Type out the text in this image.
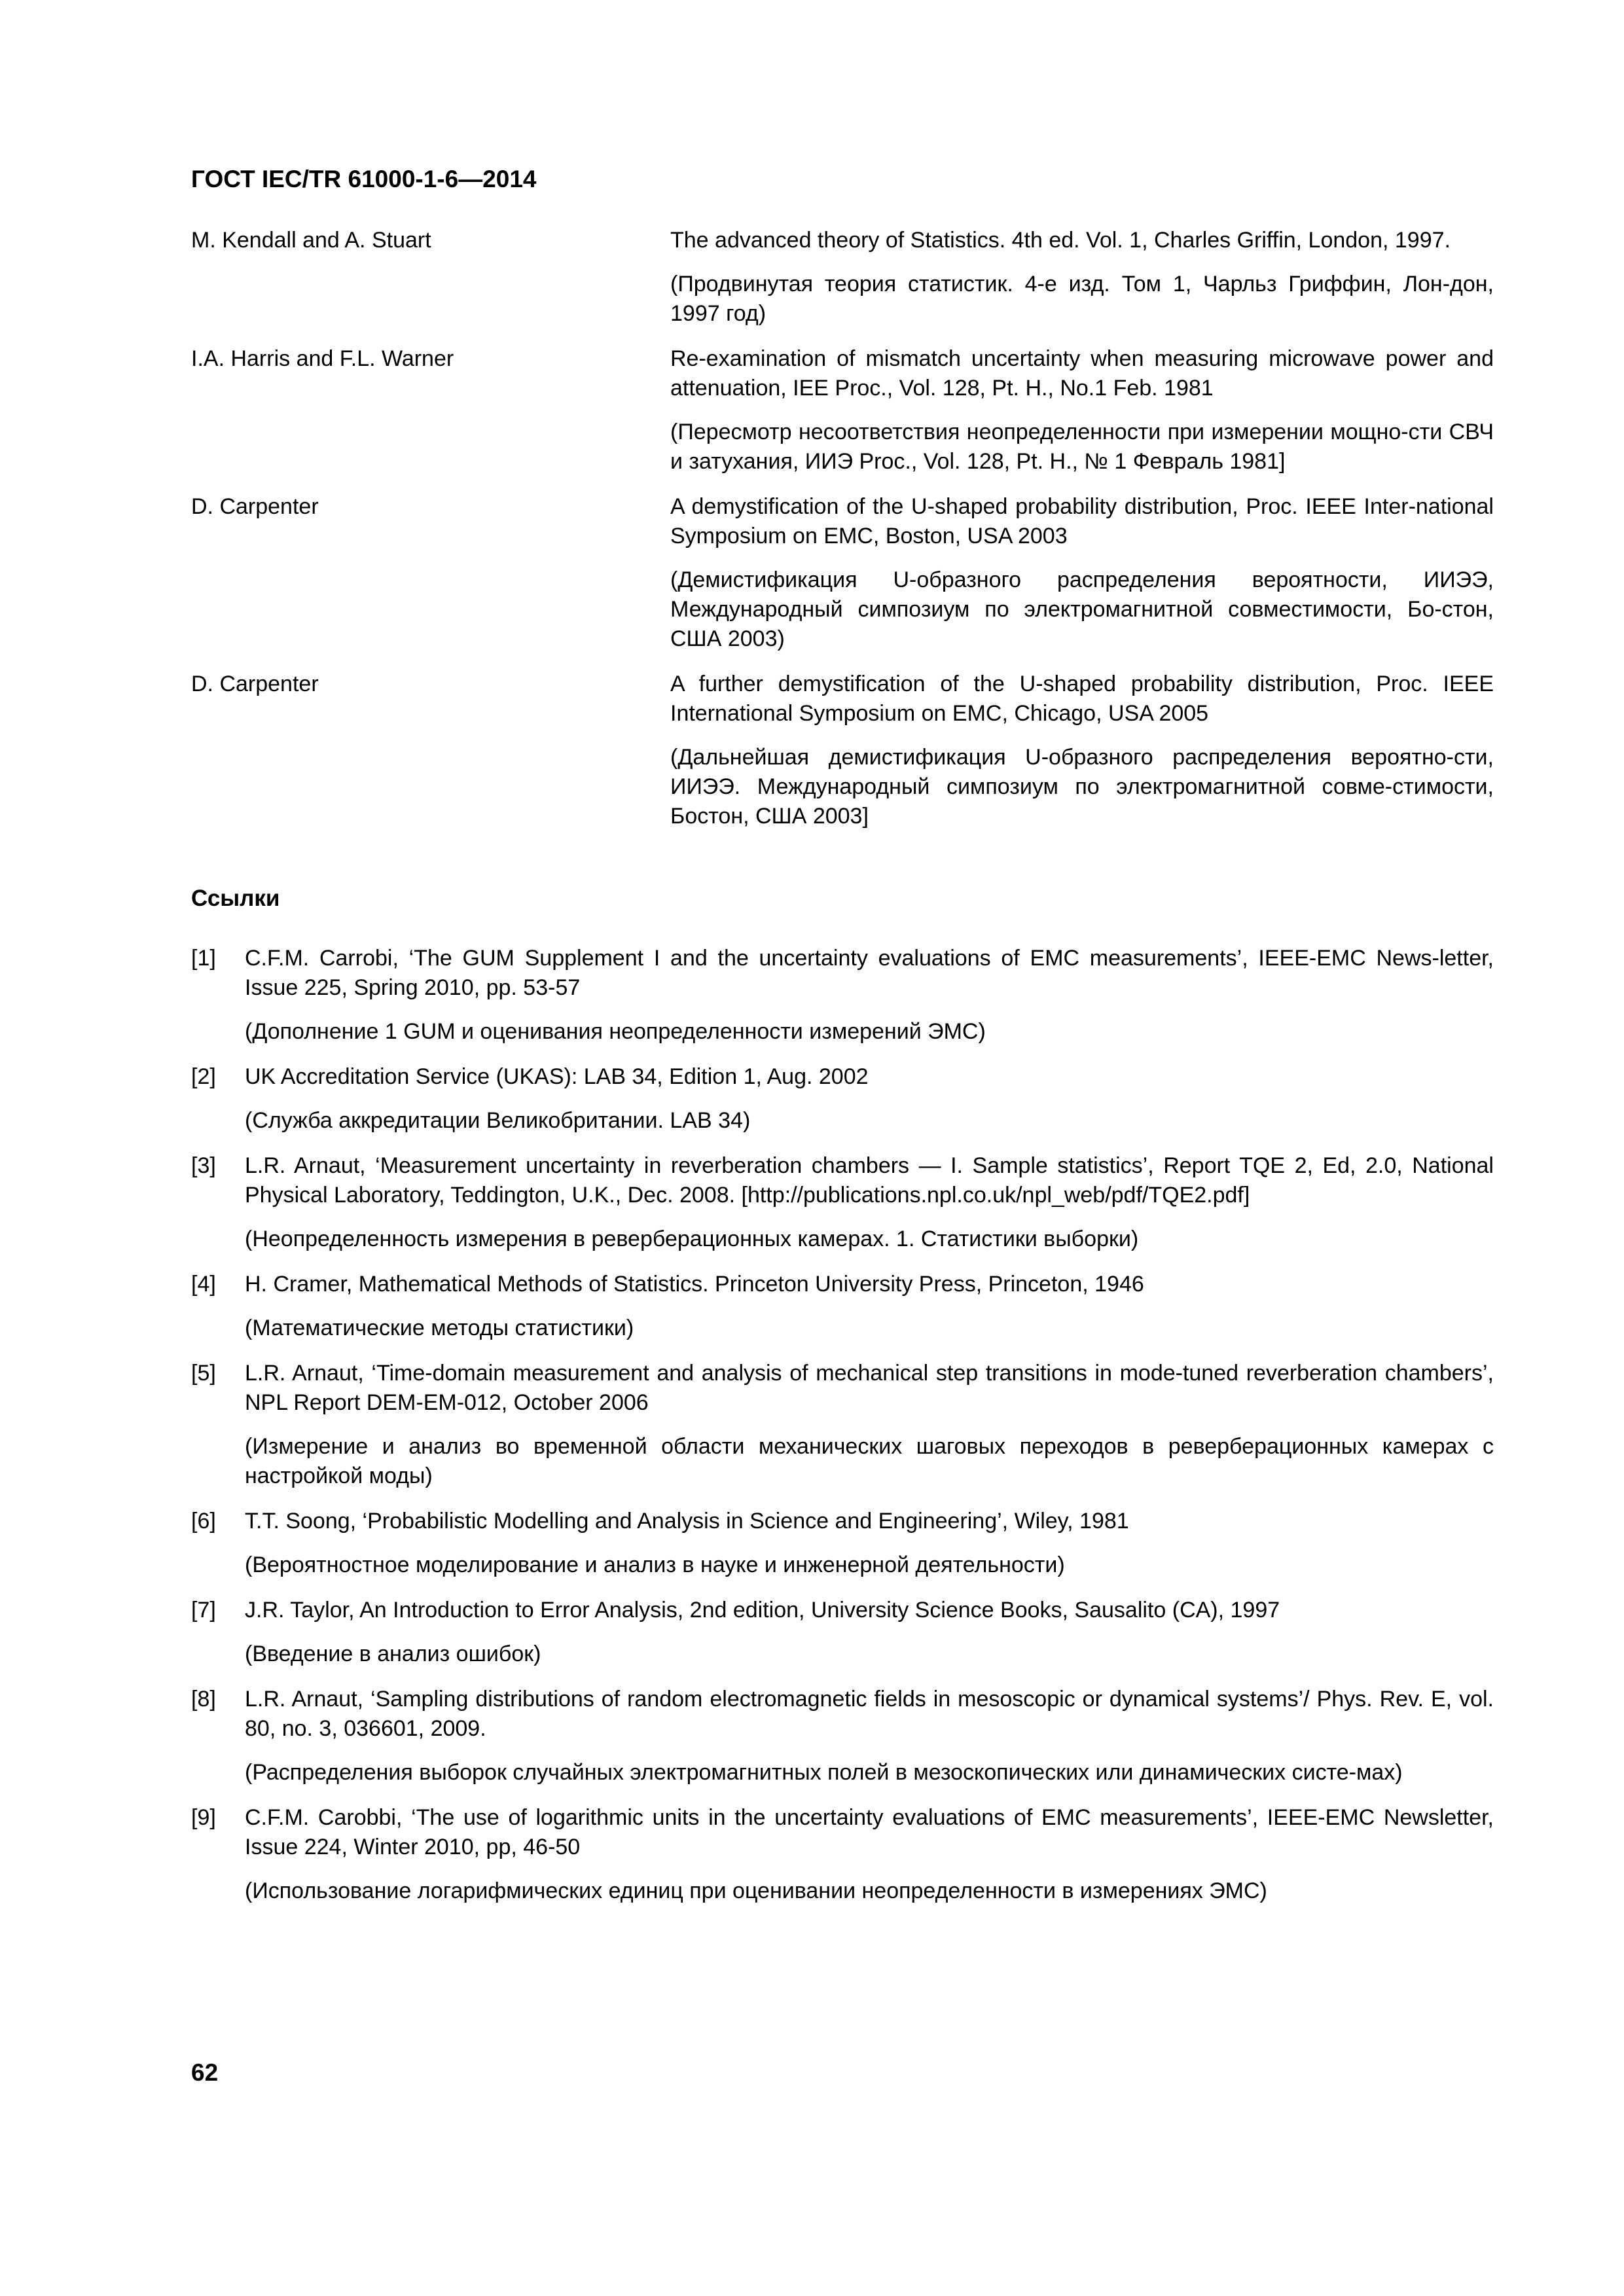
ГОСТ IEC/TR 61000-1-6—2014
M. Kendall and A. Stuart	The advanced theory of Statistics. 4th ed. Vol. 1, Charles Griffin, London, 1997.

(Продвинутая теория статистик. 4-е изд. Том 1, Чарльз Гриффин, Лон-дон, 1997 год)

I.A. Harris and F.L. Warner	Re-examination of mismatch uncertainty when measuring microwave power and attenuation, IEE Proc., Vol. 128, Pt. H., No.1 Feb. 1981

(Пересмотр несоответствия неопределенности при измерении мощно-сти СВЧ и затухания, ИИЭ Proc., Vol. 128, Pt. H., № 1 Февраль 1981]

D. Carpenter	A demystification of the U-shaped probability distribution, Proc. IEEE Inter-national Symposium on EMC, Boston, USA 2003

(Демистификация U-образного распределения вероятности, ИИЭЭ, Международный симпозиум по электромагнитной совместимости, Бо-стон, США 2003)

D. Carpenter	A further demystification of the U-shaped probability distribution, Proc. IEEE International Symposium on EMC, Chicago, USA 2005

(Дальнейшая демистификация U-образного распределения вероятно-сти, ИИЭЭ. Международный симпозиум по электромагнитной совме-стимости, Бостон, США 2003]

Ссылки
[1]	C.F.M. Carrobi, ‘The GUM Supplement I and the uncertainty evaluations of EMC measurements’, IEEE-EMC News-letter, Issue 225, Spring 2010, pp. 53-57

(Дополнение 1 GUM и оценивания неопределенности измерений ЭМС)

[2]	UK Accreditation Service (UKAS): LAB 34, Edition 1, Aug. 2002

(Служба аккредитации Великобритании. LAB 34)

[3]	L.R. Arnaut, ‘Measurement uncertainty in reverberation chambers — I. Sample statistics’, Report TQE 2, Ed, 2.0, National Physical Laboratory, Teddington, U.K., Dec. 2008. [http://publications.npl.co.uk/npl_web/pdf/TQE2.pdf]

(Неопределенность измерения в реверберационных камерах. 1. Статистики выборки)

[4]	H. Cramer, Mathematical Methods of Statistics. Princeton University Press, Princeton, 1946

(Математические методы статистики)

[5]	L.R. Arnaut, ‘Time-domain measurement and analysis of mechanical step transitions in mode-tuned reverberation chambers’, NPL Report DEM-EM-012, October 2006

(Измерение и анализ во временной области механических шаговых переходов в реверберационных камерах с настройкой моды)

[6]	T.T. Soong, ‘Probabilistic Modelling and Analysis in Science and Engineering’, Wiley, 1981

(Вероятностное моделирование и анализ в науке и инженерной деятельности)

[7]	J.R. Taylor, An Introduction to Error Analysis, 2nd edition, University Science Books, Sausalito (CA), 1997

(Введение в анализ ошибок)

[8]	L.R. Arnaut, ‘Sampling distributions of random electromagnetic fields in mesoscopic or dynamical systems’/ Phys. Rev. E, vol. 80, no. 3, 036601, 2009.

(Распределения выборок случайных электромагнитных полей в мезоскопических или динамических систе-мах)

[9]	C.F.M. Carobbi, ‘The use of logarithmic units in the uncertainty evaluations of EMC measurements’, IEEE-EMC Newsletter, Issue 224, Winter 2010, pp, 46-50

(Использование логарифмических единиц при оценивании неопределенности в измерениях ЭМС)

62
